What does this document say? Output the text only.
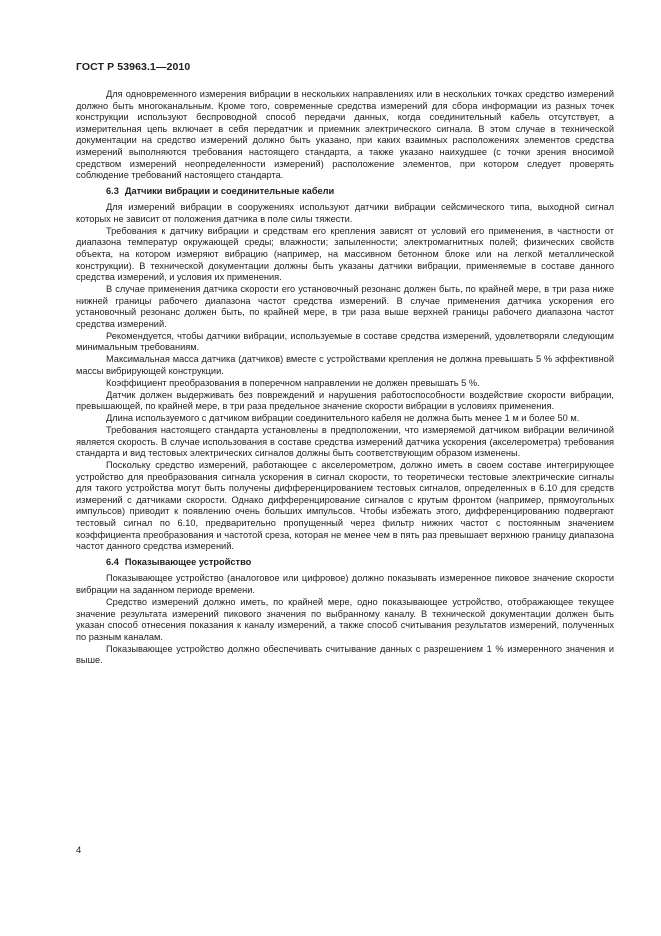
ГОСТ Р 53963.1—2010

Для одновременного измерения вибрации в нескольких направлениях или в нескольких точках средство измерений должно быть многоканальным. Кроме того, современные средства измерений для сбора информации из разных точек конструкции используют беспроводной способ передачи данных, когда соединительный кабель отсутствует, а измерительная цепь включает в себя передатчик и приемник электрического сигнала. В этом случае в технической документации на средство измерений должно быть указано, при каких взаимных расположениях элементов средства измерений выполняются требования настоящего стандарта, а также указано наихудшее (с точки зрения вносимой средством измерений неопределенности измерений) расположение элементов, при котором следует проверять соблюдение требований настоящего стандарта.

6.3 Датчики вибрации и соединительные кабели

Для измерений вибрации в сооружениях используют датчики вибрации сейсмического типа, выходной сигнал которых не зависит от положения датчика в поле силы тяжести.

Требования к датчику вибрации и средствам его крепления зависят от условий его применения, в частности от диапазона температур окружающей среды; влажности; запыленности; электромагнитных полей; физических свойств объекта, на котором измеряют вибрацию (например, на массивном бетонном блоке или на легкой металлической конструкции). В технической документации должны быть указаны датчики вибрации, применяемые в составе данного средства измерений, и условия их применения.

В случае применения датчика скорости его установочный резонанс должен быть, по крайней мере, в три раза ниже нижней границы рабочего диапазона частот средства измерений. В случае применения датчика ускорения его установочный резонанс должен быть, по крайней мере, в три раза выше верхней границы рабочего диапазона частот средства измерений.

Рекомендуется, чтобы датчики вибрации, используемые в составе средства измерений, удовлетворяли следующим минимальным требованиям.

Максимальная масса датчика (датчиков) вместе с устройствами крепления не должна превышать 5 % эффективной массы вибрирующей конструкции.

Коэффициент преобразования в поперечном направлении не должен превышать 5 %.

Датчик должен выдерживать без повреждений и нарушения работоспособности воздействие скорости вибрации, превышающей, по крайней мере, в три раза предельное значение скорости вибрации в условиях применения.

Длина используемого с датчиком вибрации соединительного кабеля не должна быть менее 1 м и более 50 м.

Требования настоящего стандарта установлены в предположении, что измеряемой датчиком вибрации величиной является скорость. В случае использования в составе средства измерений датчика ускорения (акселерометра) требования стандарта и вид тестовых электрических сигналов должны быть соответствующим образом изменены.

Поскольку средство измерений, работающее с акселерометром, должно иметь в своем составе интегрирующее устройство для преобразования сигнала ускорения в сигнал скорости, то теоретически тестовые электрические сигналы для такого устройства могут быть получены дифференцированием тестовых сигналов, определенных в 6.10 для средств измерений с датчиками скорости. Однако дифференцирование сигналов с крутым фронтом (например, прямоугольных импульсов) приводит к появлению очень больших импульсов. Чтобы избежать этого, дифференцированию подвергают тестовый сигнал по 6.10, предварительно пропущенный через фильтр нижних частот с постоянным значением коэффициента преобразования и частотой среза, которая не менее чем в пять раз превышает верхнюю границу диапазона частот данного средства измерений.

6.4 Показывающее устройство

Показывающее устройство (аналоговое или цифровое) должно показывать измеренное пиковое значение скорости вибрации на заданном периоде времени.

Средство измерений должно иметь, по крайней мере, одно показывающее устройство, отображающее текущее значение результата измерений пикового значения по выбранному каналу. В технической документации должен быть указан способ отнесения показания к каналу измерений, а также способ считывания результатов измерений, полученных по разным каналам.

Показывающее устройство должно обеспечивать считывание данных с разрешением 1 % измеренного значения и выше.

4
